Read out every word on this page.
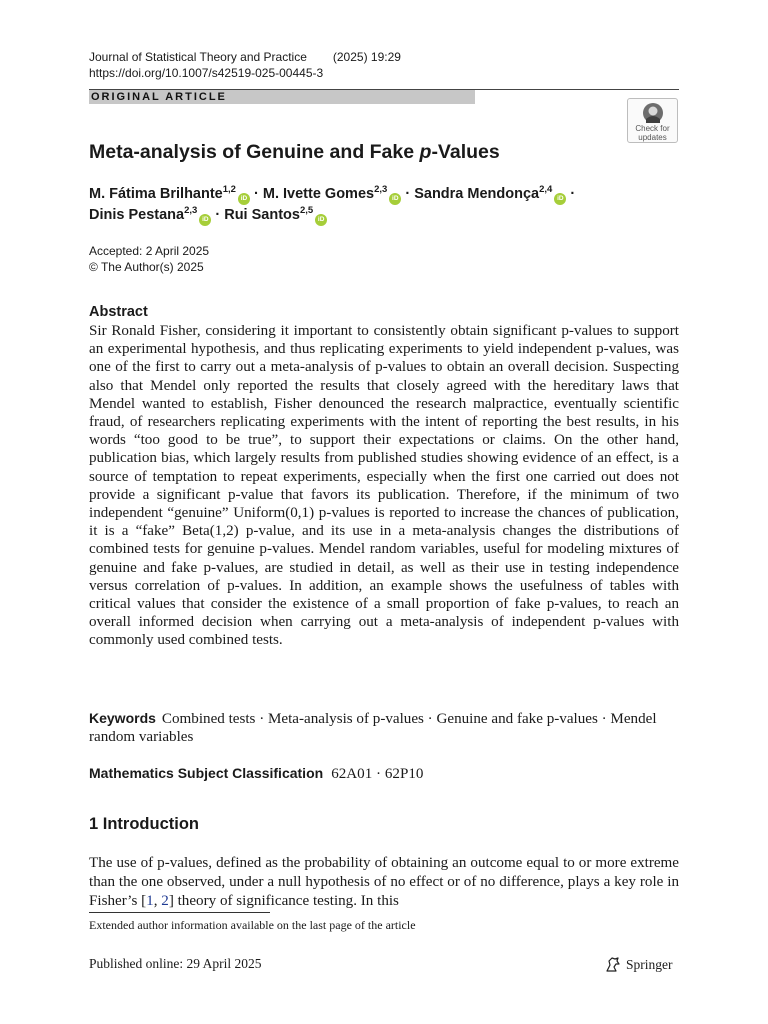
Journal of Statistical Theory and Practice (2025) 19:29
https://doi.org/10.1007/s42519-025-00445-3
ORIGINAL ARTICLE
Check for
updates
Meta-analysis of Genuine and Fake p-Values
M. Fátima Brilhante$^{1,2}$iD · M. Ivette Gomes$^{2,3}$iD · Sandra Mendonça$^{2,4}$iD ·
Dinis Pestana$^{2,3}$iD · Rui Santos$^{2,5}$iD
Accepted: 2 April 2025
© The Author(s) 2025
Abstract
Sir Ronald Fisher, considering it important to consistently obtain significant p-values to support an experimental hypothesis, and thus replicating experiments to yield independent p-values, was one of the first to carry out a meta-analysis of p-values to obtain an overall decision. Suspecting also that Mendel only reported the results that closely agreed with the hereditary laws that Mendel wanted to establish, Fisher denounced the research malpractice, eventually scientific fraud, of researchers replicating experiments with the intent of reporting the best results, in his words “too good to be true”, to support their expectations or claims. On the other hand, publication bias, which largely results from published studies showing evidence of an effect, is a source of temptation to repeat experiments, especially when the first one carried out does not provide a significant p-value that favors its publication. Therefore, if the minimum of two independent “genuine” Uniform(0,1) p-values is reported to increase the chances of publication, it is a “fake” Beta(1,2) p-value, and its use in a meta-analysis changes the distributions of combined tests for genuine p-values. Mendel random variables, useful for modeling mixtures of genuine and fake p-values, are studied in detail, as well as their use in testing independence versus correlation of p-values. In addition, an example shows the usefulness of tables with critical values that consider the existence of a small proportion of fake p-values, to reach an overall informed decision when carrying out a meta-analysis of independent p-values with commonly used combined tests.
Keywords Combined tests · Meta-analysis of p-values · Genuine and fake p-values · Mendel random variables
Mathematics Subject Classification 62A01 · 62P10
1 Introduction
The use of p-values, defined as the probability of obtaining an outcome equal to or more extreme than the one observed, under a null hypothesis of no effect or of no difference, plays a key role in Fisher’s [1, 2] theory of significance testing. In this
Extended author information available on the last page of the article
Published online: 29 April 2025	Springer
